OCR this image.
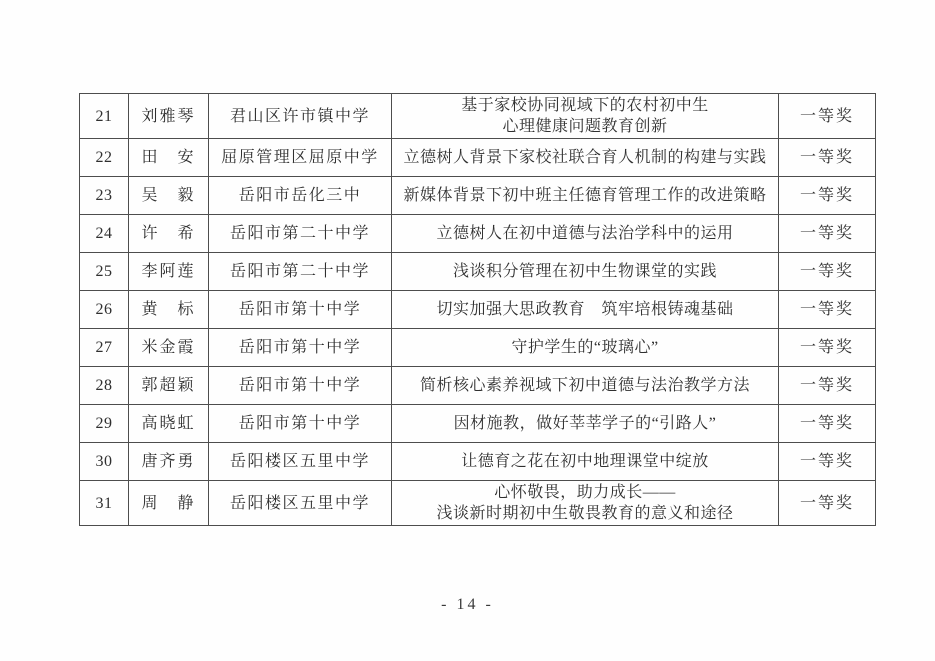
21	刘雅琴	君山区许市镇中学	基于家校协同视域下的农村初中生
心理健康问题教育创新	一等奖
22	田　安	屈原管理区屈原中学	立德树人背景下家校社联合育人机制的构建与实践	一等奖
23	吴　毅	岳阳市岳化三中	新媒体背景下初中班主任德育管理工作的改进策略	一等奖
24	许　希	岳阳市第二十中学	立德树人在初中道德与法治学科中的运用	一等奖
25	李阿莲	岳阳市第二十中学	浅谈积分管理在初中生物课堂的实践	一等奖
26	黄　标	岳阳市第十中学	切实加强大思政教育　筑牢培根铸魂基础	一等奖
27	米金霞	岳阳市第十中学	守护学生的“玻璃心”	一等奖
28	郭超颖	岳阳市第十中学	简析核心素养视域下初中道德与法治教学方法	一等奖
29	高晓虹	岳阳市第十中学	因材施教，做好莘莘学子的“引路人”	一等奖
30	唐齐勇	岳阳楼区五里中学	让德育之花在初中地理课堂中绽放	一等奖
31	周　静	岳阳楼区五里中学	心怀敬畏，助力成长——
浅谈新时期初中生敬畏教育的意义和途径	一等奖
- 14 -
